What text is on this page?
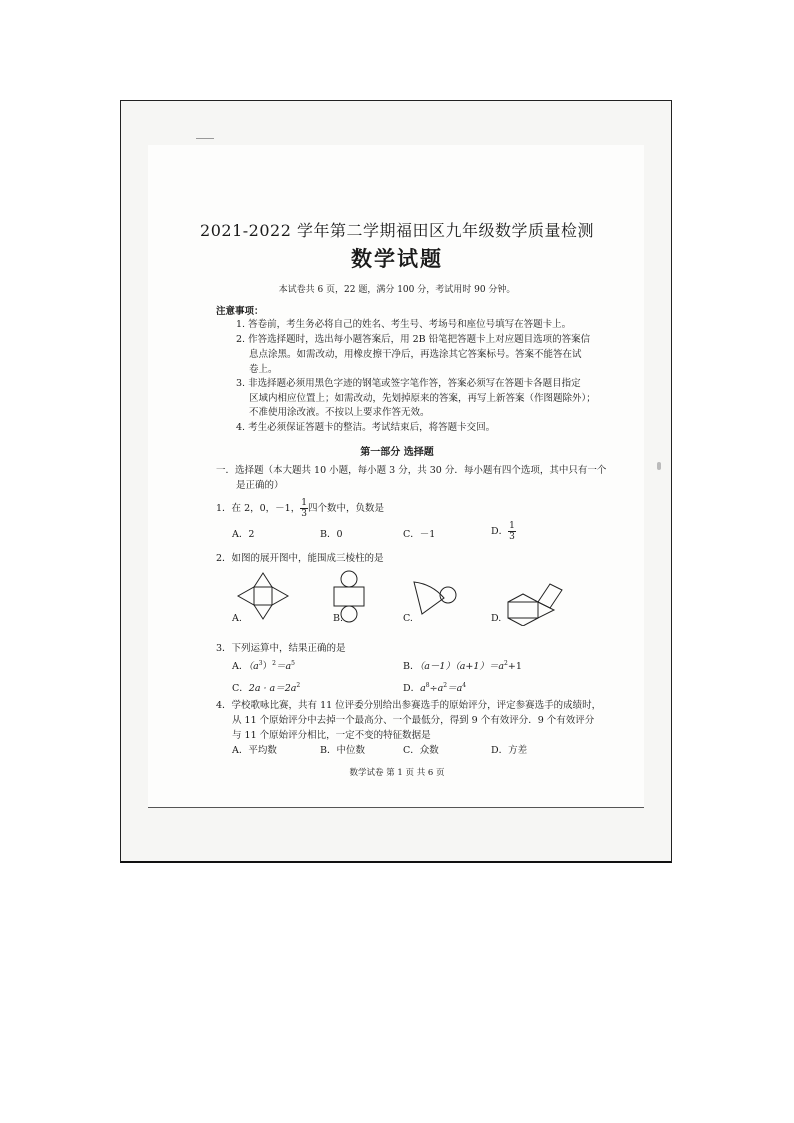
2021-2022 学年第二学期福田区九年级数学质量检测
数学试题
本试卷共 6 页，22 题，满分 100 分，考试用时 90 分钟。
注意事项：
1. 答卷前，考生务必将自己的姓名、考生号、考场号和座位号填写在答题卡上。
2. 作答选择题时，选出每小题答案后，用 2B 铅笔把答题卡上对应题目选项的答案信
息点涂黑。如需改动，用橡皮擦干净后，再选涂其它答案标号。答案不能答在试
卷上。
3. 非选择题必须用黑色字迹的钢笔或签字笔作答，答案必须写在答题卡各题目指定
区域内相应位置上；如需改动，先划掉原来的答案，再写上新答案（作图题除外）；
不准使用涂改液。不按以上要求作答无效。
4. 考生必须保证答题卡的整洁。考试结束后，将答题卡交回。
第一部分 选择题
一．选择题（本大题共 10 小题，每小题 3 分，共 30 分．每小题有四个选项，其中只有一个
是正确的）
1．在 2，0，－1， $\frac{1}{3}$ 四个数中，负数是
A．2	B．0	C．－1	D． $\frac{1}{3}$
2．如图的展开图中，能围成三棱柱的是
A.	B.	C.	D.
3．下列运算中，结果正确的是
A．$(a^3)^2=a^5$	B．$(a-1)(a+1)=a^2+1$
C．$2a \cdot a=2a^2$	D．$a^8\div a^2=a^4$
4．学校歌咏比赛，共有 11 位评委分别给出参赛选手的原始评分，评定参赛选手的成绩时，
从 11 个原始评分中去掉一个最高分、一个最低分，得到 9 个有效评分．9 个有效评分
与 11 个原始评分相比，一定不变的特征数据是
A．平均数	B．中位数	C．众数	D．方差
数学试卷 第 1 页 共 6 页
